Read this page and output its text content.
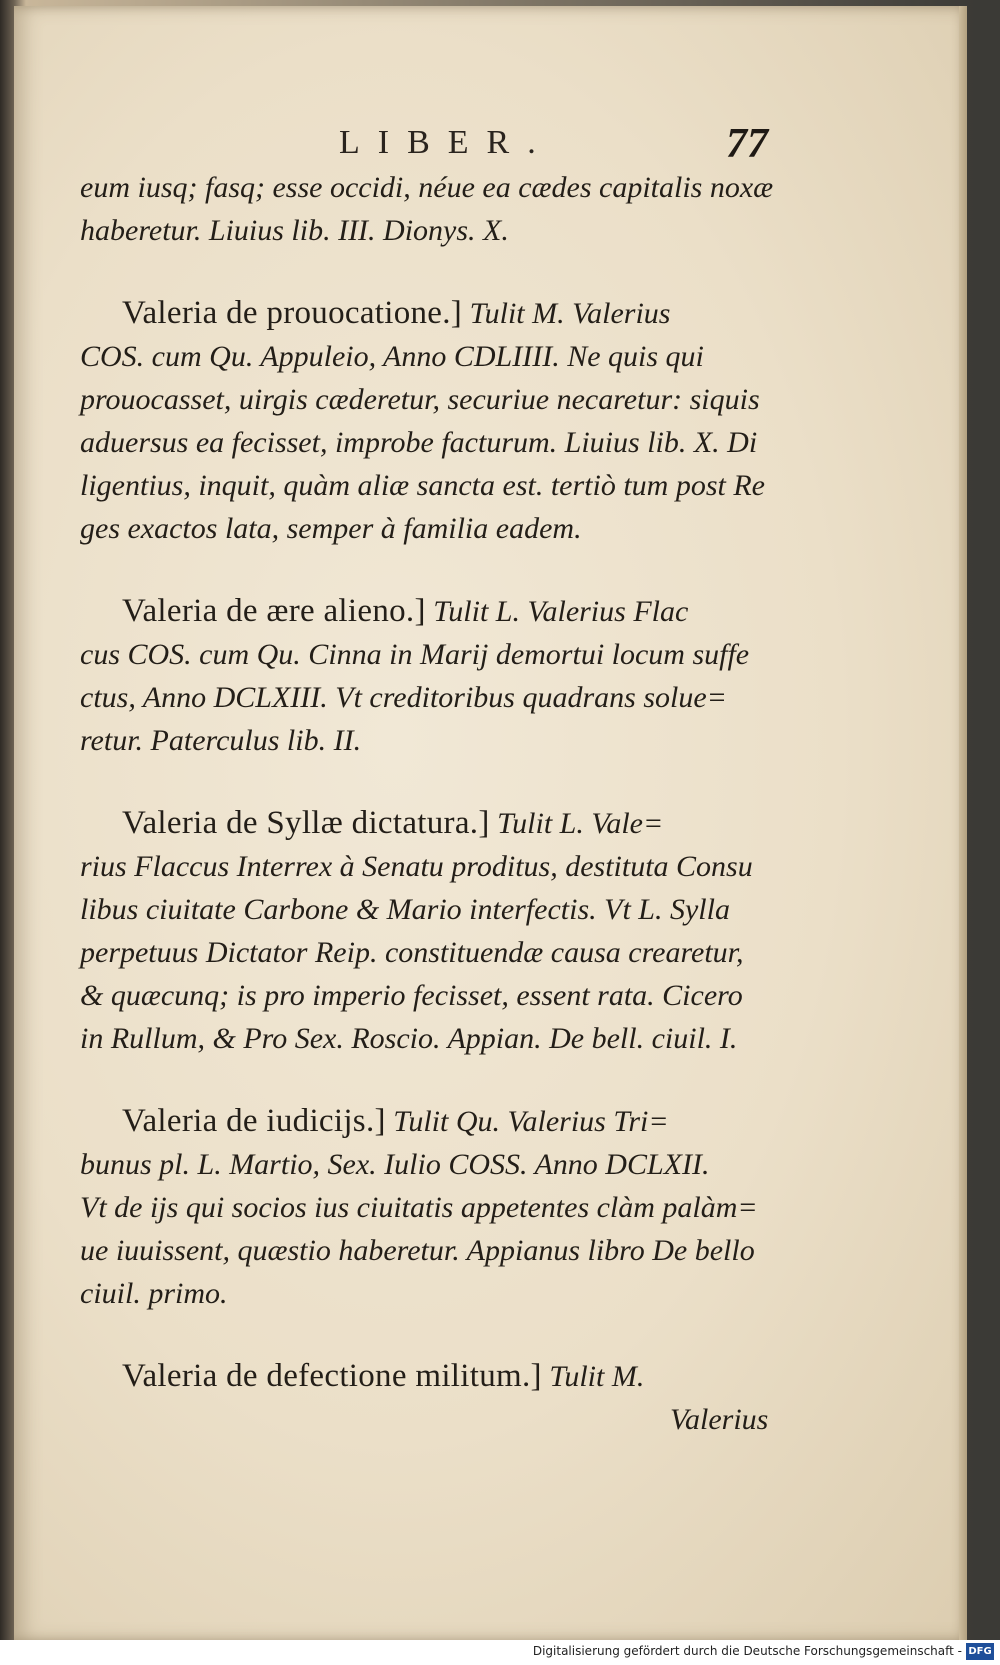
LIBER.	77
eum iusq; fasq; esse occidi, néue ea cædes capitalis noxæ
haberetur. Liuius lib. III. Dionys. X.
Valeria de prouocatione.] Tulit M. Valerius
COS. cum Qu. Appuleio, Anno CDLIIII. Ne quis qui
prouocasset, uirgis cæderetur, securiue necaretur: siquis
aduersus ea fecisset, improbe facturum. Liuius lib. X. Di
ligentius, inquit, quàm aliæ sancta est. tertiò tum post Re
ges exactos lata, semper à familia eadem.
Valeria de ære alieno.] Tulit L. Valerius Flac
cus COS. cum Qu. Cinna in Marij demortui locum suffe
ctus, Anno DCLXIII. Vt creditoribus quadrans solue=
retur. Paterculus lib. II.
Valeria de Syllæ dictatura.] Tulit L. Vale=
rius Flaccus Interrex à Senatu proditus, destituta Consu
libus ciuitate Carbone & Mario interfectis. Vt L. Sylla
perpetuus Dictator Reip. constituendæ causa crearetur,
& quæcunq; is pro imperio fecisset, essent rata. Cicero
in Rullum, & Pro Sex. Roscio. Appian. De bell. ciuil. I.
Valeria de iudicijs.] Tulit Qu. Valerius Tri=
bunus pl. L. Martio, Sex. Iulio COSS. Anno DCLXII.
Vt de ijs qui socios ius ciuitatis appetentes clàm palàm=
ue iuuissent, quæstio haberetur. Appianus libro De bello
ciuil. primo.
Valeria de defectione militum.] Tulit M.
Valerius
Digitalisierung gefördert durch die Deutsche Forschungsgemeinschaft - DFG
